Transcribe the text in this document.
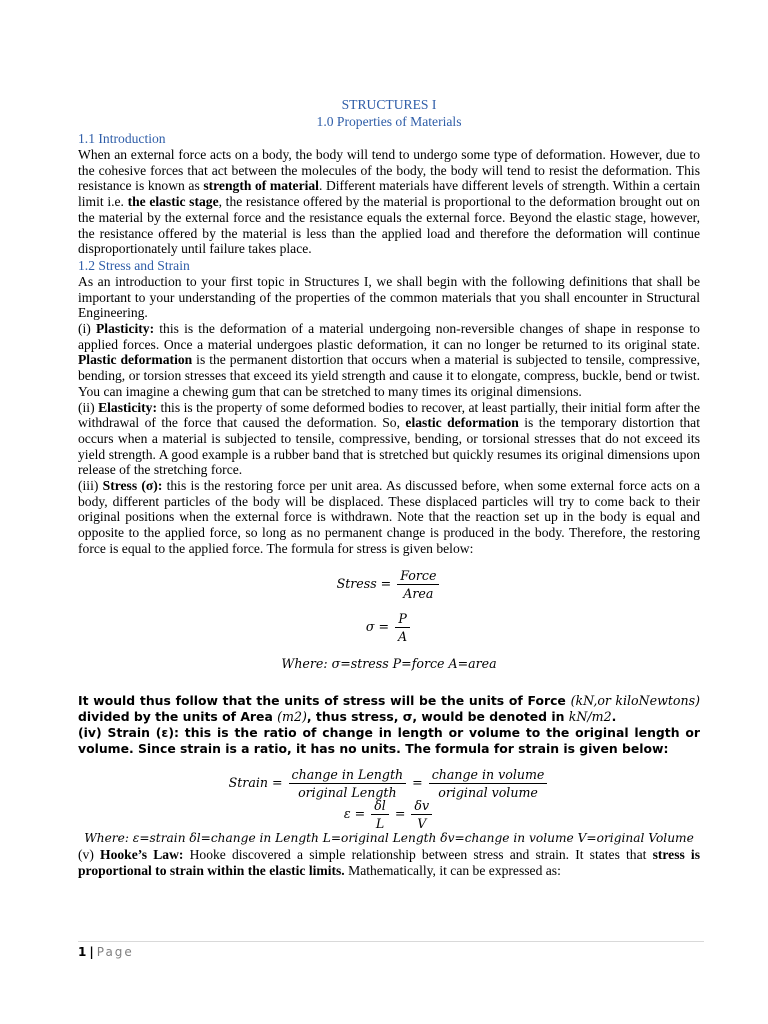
STRUCTURES I
1.0 Properties of Materials
1.1 Introduction

When an external force acts on a body, the body will tend to undergo some type of deformation. However, due to the cohesive forces that act between the molecules of the body, the body will tend to resist the deformation. This resistance is known as strength of material. Different materials have different levels of strength. Within a certain limit i.e. the elastic stage, the resistance offered by the material is proportional to the deformation brought out on the material by the external force and the resistance equals the external force. Beyond the elastic stage, however, the resistance offered by the material is less than the applied load and therefore the deformation will continue disproportionately until failure takes place.

1.2 Stress and Strain

As an introduction to your first topic in Structures I, we shall begin with the following definitions that shall be important to your understanding of the properties of the common materials that you shall encounter in Structural Engineering.

(i) Plasticity: this is the deformation of a material undergoing non-reversible changes of shape in response to applied forces. Once a material undergoes plastic deformation, it can no longer be returned to its original state. Plastic deformation is the permanent distortion that occurs when a material is subjected to tensile, compressive, bending, or torsion stresses that exceed its yield strength and cause it to elongate, compress, buckle, bend or twist. You can imagine a chewing gum that can be stretched to many times its original dimensions.

(ii) Elasticity: this is the property of some deformed bodies to recover, at least partially, their initial form after the withdrawal of the force that caused the deformation. So, elastic deformation is the temporary distortion that occurs when a material is subjected to tensile, compressive, bending, or torsional stresses that do not exceed its yield strength. A good example is a rubber band that is stretched but quickly resumes its original dimensions upon release of the stretching force.

(iii) Stress (σ): this is the restoring force per unit area. As discussed before, when some external force acts on a body, different particles of the body will be displaced. These displaced particles will try to come back to their original positions when the external force is withdrawn. Note that the reaction set up in the body is equal and opposite to the applied force, so long as no permanent change is produced in the body. Therefore, the restoring force is equal to the applied force. The formula for stress is given below:

Stress = $\frac{\text{Force}}{\text{Area}}$
$\sigma = \frac{P}{A}$
Where: σ=stress P=force A=area

It would thus follow that the units of stress will be the units of Force (kN,or kiloNewtons) divided by the units of Area (m2), thus stress, σ, would be denoted in kN/m2.

(iv) Strain (ε): this is the ratio of change in length or volume to the original length or volume. Since strain is a ratio, it has no units. The formula for strain is given below:

Strain = $\frac{\text{change in Length}}{\text{original Length}} = \frac{\text{change in volume}}{\text{original volume}}$
$\varepsilon = \frac{\delta l}{L} = \frac{\delta v}{V}$
Where: ε=strain δl=change in Length L=original Length δv=change in volume V=original Volume

(v) Hooke’s Law: Hooke discovered a simple relationship between stress and strain. It states that stress is proportional to strain within the elastic limits. Mathematically, it can be expressed as:

1 | Page
